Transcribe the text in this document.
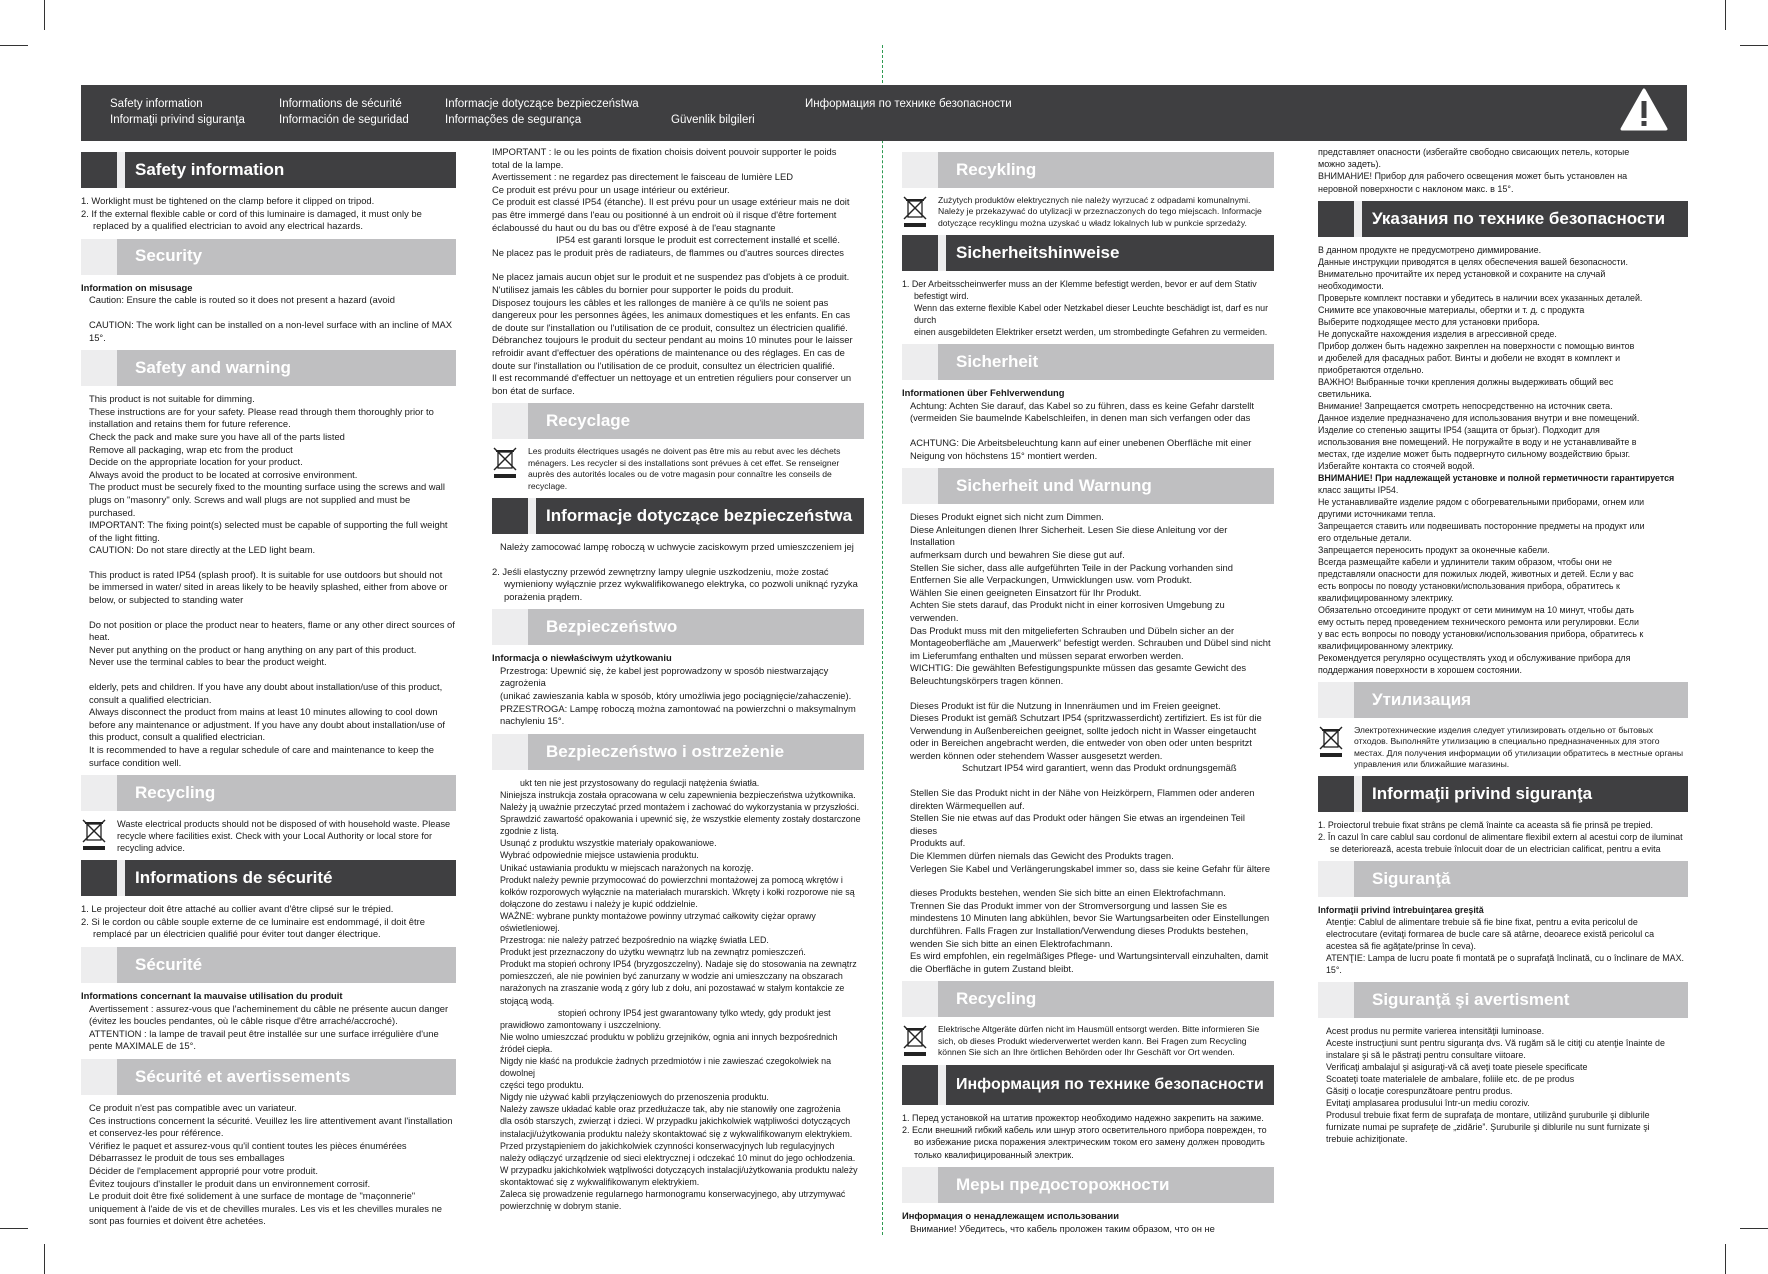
Safety information
Informaţii privind siguranţa
Informations de sécurité
Información de seguridad
Informacje dotyczące bezpieczeństwa
Informações de segurança	Güvenlik bilgileri
Информация по технике безопасности
Safety information

1. Worklight must be tightened on the clamp before it clipped on tripod.

2. If the external flexible cable or cord of this luminaire is damaged, it must only be

replaced by a qualified electrician to avoid any electrical hazards.

Security

Information on misusage

Caution: Ensure the cable is routed so it does not present a hazard (avoid

CAUTION: The work light can be installed on a non-level surface with an incline of MAX 15°.

Safety and warning

This product is not suitable for dimming.

These instructions are for your safety. Please read through them thoroughly prior to

installation and retains them for future reference.

Check the pack and make sure you have all of the parts listed

Remove all packaging, wrap etc from the product

Decide on the appropriate location for your product.

Always avoid the product to be located at corrosive environment.

The product must be securely fixed to the mounting surface using the screws and wall

plugs on "masonry" only. Screws and wall plugs are not supplied and must be purchased.

IMPORTANT: The fixing point(s) selected must be capable of supporting the full weight

of the light fitting.

CAUTION: Do not stare directly at the LED light beam.

This product is rated IP54 (splash proof). It is suitable for use outdoors but should not

be immersed in water/ sited in areas likely to be heavily splashed, either from above or

below, or subjected to standing water

Do not position or place the product near to heaters, flame or any other direct sources of heat.

Never put anything on the product or hang anything on any part of this product.

Never use the terminal cables to bear the product weight.

elderly, pets and children. If you have any doubt about installation/use of this product,

consult a qualified electrician.

Always disconnect the product from mains at least 10 minutes allowing to cool down

before any maintenance or adjustment. If you have any doubt about installation/use of

this product, consult a qualified electrician.

It is recommended to have a regular schedule of care and maintenance to keep the

surface condition well.

Recycling

Waste electrical products should not be disposed of with household waste. Please recycle where facilities exist. Check with your Local Authority or local store for recycling advice.

Informations de sécurité

1. Le projecteur doit être attaché au collier avant d'être clipsé sur le trépied.

2. Si le cordon ou câble souple externe de ce luminaire est endommagé, il doit être

remplacé par un électricien qualifié pour éviter tout danger électrique.

Sécurité

Informations concernant la mauvaise utilisation du produit

Avertissement : assurez-vous que l'acheminement du câble ne présente aucun danger

(évitez les boucles pendantes, où le câble risque d'être arraché/accroché).

ATTENTION : la lampe de travail peut être installée sur une surface irrégulière d'une

pente MAXIMALE de 15°.

Sécurité et avertissements

Ce produit n'est pas compatible avec un variateur.

Ces instructions concernent la sécurité. Veuillez les lire attentivement avant l'installation

et conservez-les pour référence.

Vérifiez le paquet et assurez-vous qu'il contient toutes les pièces énumérées

Débarrassez le produit de tous ses emballages

Décider de l'emplacement approprié pour votre produit.

Évitez toujours d'installer le produit dans un environnement corrosif.

Le produit doit être fixé solidement à une surface de montage de "maçonnerie"

uniquement à l'aide de vis et de chevilles murales. Les vis et les chevilles murales ne

sont pas fournies et doivent être achetées.

IMPORTANT : le ou les points de fixation choisis doivent pouvoir supporter le poids

total de la lampe.

Avertissement : ne regardez pas directement le faisceau de lumière LED

Ce produit est prévu pour un usage intérieur ou extérieur.

Ce produit est classé IP54 (étanche). Il est prévu pour un usage extérieur mais ne doit

pas être immergé dans l'eau ou positionné à un endroit où il risque d'être fortement

éclaboussé du haut ou du bas ou d'être exposé à de l'eau stagnante

IP54 est garanti lorsque le produit est correctement installé et scellé.

Ne placez pas le produit près de radiateurs, de flammes ou d'autres sources directes

Ne placez jamais aucun objet sur le produit et ne suspendez pas d'objets à ce produit.

N'utilisez jamais les câbles du bornier pour supporter le poids du produit.

Disposez toujours les câbles et les rallonges de manière à ce qu'ils ne soient pas

dangereux pour les personnes âgées, les animaux domestiques et les enfants. En cas

de doute sur l'installation ou l'utilisation de ce produit, consultez un électricien qualifié.

Débranchez toujours le produit du secteur pendant au moins 10 minutes pour le laisser

refroidir avant d'effectuer des opérations de maintenance ou des réglages. En cas de

doute sur l'installation ou l'utilisation de ce produit, consultez un électricien qualifié.

Il est recommandé d'effectuer un nettoyage et un entretien réguliers pour conserver un

bon état de surface.

Recyclage

Les produits électriques usagés ne doivent pas être mis au rebut avec les déchets ménagers. Les recycler si des installations sont prévues à cet effet. Se renseigner auprès des autorités locales ou de votre magasin pour connaître les conseils de recyclage.

Informacje dotyczące bezpieczeństwa

Należy zamocować lampę roboczą w uchwycie zaciskowym przed umieszczeniem jej

2. Jeśli elastyczny przewód zewnętrzny lampy ulegnie uszkodzeniu, może zostać

wymieniony wyłącznie przez wykwalifikowanego elektryka, co pozwoli uniknąć ryzyka

porażenia prądem.

Bezpieczeństwo

Informacja o niewłaściwym użytkowaniu

Przestroga: Upewnić się, że kabel jest poprowadzony w sposób niestwarzający zagrożenia

(unikać zawieszania kabla w sposób, który umożliwia jego pociągnięcie/zahaczenie).

PRZESTROGA: Lampę roboczą można zamontować na powierzchni o maksymalnym

nachyleniu 15°.

Bezpieczeństwo i ostrzeżenie

ukt ten nie jest przystosowany do regulacji natężenia światła.

Niniejsza instrukcja została opracowana w celu zapewnienia bezpieczeństwa użytkownika.

Należy ją uważnie przeczytać przed montażem i zachować do wykorzystania w przyszłości.

Sprawdzić zawartość opakowania i upewnić się, że wszystkie elementy zostały dostarczone

zgodnie z listą.

Usunąć z produktu wszystkie materiały opakowaniowe.

Wybrać odpowiednie miejsce ustawienia produktu.

Unikać ustawiania produktu w miejscach narażonych na korozję.

Produkt należy pewnie przymocować do powierzchni montażowej za pomocą wkrętów i

kołków rozporowych wyłącznie na materiałach murarskich. Wkręty i kołki rozporowe nie są

dołączone do zestawu i należy je kupić oddzielnie.

WAŻNE: wybrane punkty montażowe powinny utrzymać całkowity ciężar oprawy

oświetleniowej.

Przestroga: nie należy patrzeć bezpośrednio na wiązkę światła LED.

Produkt jest przeznaczony do użytku wewnątrz lub na zewnątrz pomieszczeń.

Produkt ma stopień ochrony IP54 (bryzgoszczelny). Nadaje się do stosowania na zewnątrz

pomieszczeń, ale nie powinien być zanurzany w wodzie ani umieszczany na obszarach

narażonych na zraszanie wodą z góry lub z dołu, ani pozostawać w stałym kontakcie ze

stojącą wodą.

stopień ochrony IP54 jest gwarantowany tylko wtedy, gdy produkt jest

prawidłowo zamontowany i uszczelniony.

Nie wolno umieszczać produktu w pobliżu grzejników, ognia ani innych bezpośrednich źródeł ciepła.

Nigdy nie kłaść na produkcie żadnych przedmiotów i nie zawieszać czegokolwiek na dowolnej

części tego produktu.

Nigdy nie używać kabli przyłączeniowych do przenoszenia produktu.

Należy zawsze układać kable oraz przedłużacze tak, aby nie stanowiły one zagrożenia

dla osób starszych, zwierząt i dzieci. W przypadku jakichkolwiek wątpliwości dotyczących

instalacji/użytkowania produktu należy skontaktować się z wykwalifikowanym elektrykiem.

Przed przystąpieniem do jakichkolwiek czynności konserwacyjnych lub regulacyjnych

należy odłączyć urządzenie od sieci elektrycznej i odczekać 10 minut do jego ochłodzenia.

W przypadku jakichkolwiek wątpliwości dotyczących instalacji/użytkowania produktu należy

skontaktować się z wykwalifikowanym elektrykiem.

Zaleca się prowadzenie regularnego harmonogramu konserwacyjnego, aby utrzymywać

powierzchnię w dobrym stanie.

Recykling

Zużytych produktów elektrycznych nie należy wyrzucać z odpadami komunalnymi. Należy je przekazywać do utylizacji w przeznaczonych do tego miejscach. Informacje dotyczące recyklingu można uzyskać u władz lokalnych lub w punkcie sprzedaży.

Sicherheitshinweise

1. Der Arbeitsscheinwerfer muss an der Klemme befestigt werden, bevor er auf dem Stativ

befestigt wird.

Wenn das externe flexible Kabel oder Netzkabel dieser Leuchte beschädigt ist, darf es nur durch

einen ausgebildeten Elektriker ersetzt werden, um strombedingte Gefahren zu vermeiden.

Sicherheit

Informationen über Fehlverwendung

Achtung: Achten Sie darauf, das Kabel so zu führen, dass es keine Gefahr darstellt

(vermeiden Sie baumelnde Kabelschleifen, in denen man sich verfangen oder das

ACHTUNG: Die Arbeitsbeleuchtung kann auf einer unebenen Oberfläche mit einer

Neigung von höchstens 15° montiert werden.

Sicherheit und Warnung

Dieses Produkt eignet sich nicht zum Dimmen.

Diese Anleitungen dienen Ihrer Sicherheit. Lesen Sie diese Anleitung vor der Installation

aufmerksam durch und bewahren Sie diese gut auf.

Stellen Sie sicher, dass alle aufgeführten Teile in der Packung vorhanden sind

Entfernen Sie alle Verpackungen, Umwicklungen usw. vom Produkt.

Wählen Sie einen geeigneten Einsatzort für Ihr Produkt.

Achten Sie stets darauf, das Produkt nicht in einer korrosiven Umgebung zu verwenden.

Das Produkt muss mit den mitgelieferten Schrauben und Dübeln sicher an der

Montageoberfläche am „Mauerwerk“ befestigt werden. Schrauben und Dübel sind nicht

im Lieferumfang enthalten und müssen separat erworben werden.

WICHTIG: Die gewählten Befestigungspunkte müssen das gesamte Gewicht des

Beleuchtungskörpers tragen können.

Dieses Produkt ist für die Nutzung in Innenräumen und im Freien geeignet.

Dieses Produkt ist gemäß Schutzart IP54 (spritzwasserdicht) zertifiziert. Es ist für die

Verwendung in Außenbereichen geeignet, sollte jedoch nicht in Wasser eingetaucht

oder in Bereichen angebracht werden, die entweder von oben oder unten bespritzt

werden können oder stehendem Wasser ausgesetzt werden.

Schutzart IP54 wird garantiert, wenn das Produkt ordnungsgemäß

Stellen Sie das Produkt nicht in der Nähe von Heizkörpern, Flammen oder anderen

direkten Wärmequellen auf.

Stellen Sie nie etwas auf das Produkt oder hängen Sie etwas an irgendeinen Teil dieses

Produkts auf.

Die Klemmen dürfen niemals das Gewicht des Produkts tragen.

Verlegen Sie Kabel und Verlängerungskabel immer so, dass sie keine Gefahr für ältere

dieses Produkts bestehen, wenden Sie sich bitte an einen Elektrofachmann.

Trennen Sie das Produkt immer von der Stromversorgung und lassen Sie es

mindestens 10 Minuten lang abkühlen, bevor Sie Wartungsarbeiten oder Einstellungen

durchführen. Falls Fragen zur Installation/Verwendung dieses Produkts bestehen,

wenden Sie sich bitte an einen Elektrofachmann.

Es wird empfohlen, ein regelmäßiges Pflege- und Wartungsintervall einzuhalten, damit

die Oberfläche in gutem Zustand bleibt.

Recycling

Elektrische Altgeräte dürfen nicht im Hausmüll entsorgt werden. Bitte informieren Sie sich, ob dieses Produkt wiederverwertet werden kann. Bei Fragen zum Recycling können Sie sich an Ihre örtlichen Behörden oder Ihr Geschäft vor Ort wenden.

Информация по технике безопасности

1. Перед установкой на штатив прожектор необходимо надежно закрепить на зажиме.

2. Если внешний гибкий кабель или шнур этого осветительного прибора поврежден, то

во избежание риска поражения электрическим током его замену должен проводить

только квалифицированный электрик.

Меры предосторожности

Информация о ненадлежащем использовании

Внимание! Убедитесь, что кабель проложен таким образом, что он не

представляет опасности (избегайте свободно свисающих петель, которые

можно задеть).

ВНИМАНИЕ! Прибор для рабочего освещения может быть установлен на

неровной поверхности с наклоном макс. в 15°.

Указания по технике безопасности

В данном продукте не предусмотрено диммирование.

Данные инструкции приводятся в целях обеспечения вашей безопасности.

Внимательно прочитайте их перед установкой и сохраните на случай

необходимости.

Проверьте комплект поставки и убедитесь в наличии всех указанных деталей.

Снимите все упаковочные материалы, обертки и т. д. с продукта

Выберите подходящее место для установки прибора.

Не допускайте нахождения изделия в агрессивной среде.

Прибор должен быть надежно закреплен на поверхности с помощью винтов

и дюбелей для фасадных работ. Винты и дюбели не входят в комплект и

приобретаются отдельно.

ВАЖНО! Выбранные точки крепления должны выдерживать общий вес

светильника.

Внимание! Запрещается смотреть непосредственно на источник света.

Данное изделие предназначено для использования внутри и вне помещений.

Изделие со степенью защиты IP54 (защита от брызг). Подходит для

использования вне помещений. Не погружайте в воду и не устанавливайте в

местах, где изделие может быть подвергнуто сильному воздействию брызг.

Избегайте контакта со стоячей водой.

ВНИМАНИЕ! При надлежащей установке и полной герметичности гарантируется

класс защиты IP54.

Не устанавливайте изделие рядом с обогревательными приборами, огнем или

другими источниками тепла.

Запрещается ставить или подвешивать посторонние предметы на продукт или

его отдельные детали.

Запрещается переносить продукт за оконечные кабели.

Всегда размещайте кабели и удлинители таким образом, чтобы они не

представляли опасности для пожилых людей, животных и детей. Если у вас

есть вопросы по поводу установки/использования прибора, обратитесь к

квалифицированному электрику.

Обязательно отсоедините продукт от сети минимум на 10 минут, чтобы дать

ему остыть перед проведением технического ремонта или регулировки. Если

у вас есть вопросы по поводу установки/использования прибора, обратитесь к

квалифицированному электрику.

Рекомендуется регулярно осуществлять уход и обслуживание прибора для

поддержания поверхности в хорошем состоянии.

Утилизация

Электротехнические изделия следует утилизировать отдельно от бытовых отходов. Выполняйте утилизацию в специально предназначенных для этого местах. Для получения информации об утилизации обратитесь в местные органы управления или ближайшие магазины.

Informaţii privind siguranţa

1. Proiectorul trebuie fixat strâns pe clemă înainte ca aceasta să fie prinsă pe trepied.

2. În cazul în care cablul sau cordonul de alimentare flexibil extern al acestui corp de iluminat

se deteriorează, acesta trebuie înlocuit doar de un electrician calificat, pentru a evita

Siguranţă

Informaţii privind întrebuinţarea greşită

Atenţie: Cablul de alimentare trebuie să fie bine fixat, pentru a evita pericolul de

electrocutare (evitaţi formarea de bucle care să atârne, deoarece există pericolul ca

acestea să fie agăţate/prinse în ceva).

ATENŢIE: Lampa de lucru poate fi montată pe o suprafaţă înclinată, cu o înclinare de MAX. 15°.

Siguranţă şi avertisment

Acest produs nu permite varierea intensităţii luminoase.

Aceste instrucţiuni sunt pentru siguranţa dvs. Vă rugăm să le citiţi cu atenţie înainte de

instalare şi să le păstraţi pentru consultare viitoare.

Verificaţi ambalajul şi asiguraţi-vă că aveţi toate piesele specificate

Scoateţi toate materialele de ambalare, foliile etc. de pe produs

Găsiţi o locaţie corespunzătoare pentru produs.

Evitaţi amplasarea produsului într-un mediu coroziv.

Produsul trebuie fixat ferm de suprafaţa de montare, utilizând şuruburile şi diblurile

furnizate numai pe suprafeţe de „zidărie”. Şuruburile şi diblurile nu sunt furnizate şi

trebuie achiziţionate.
